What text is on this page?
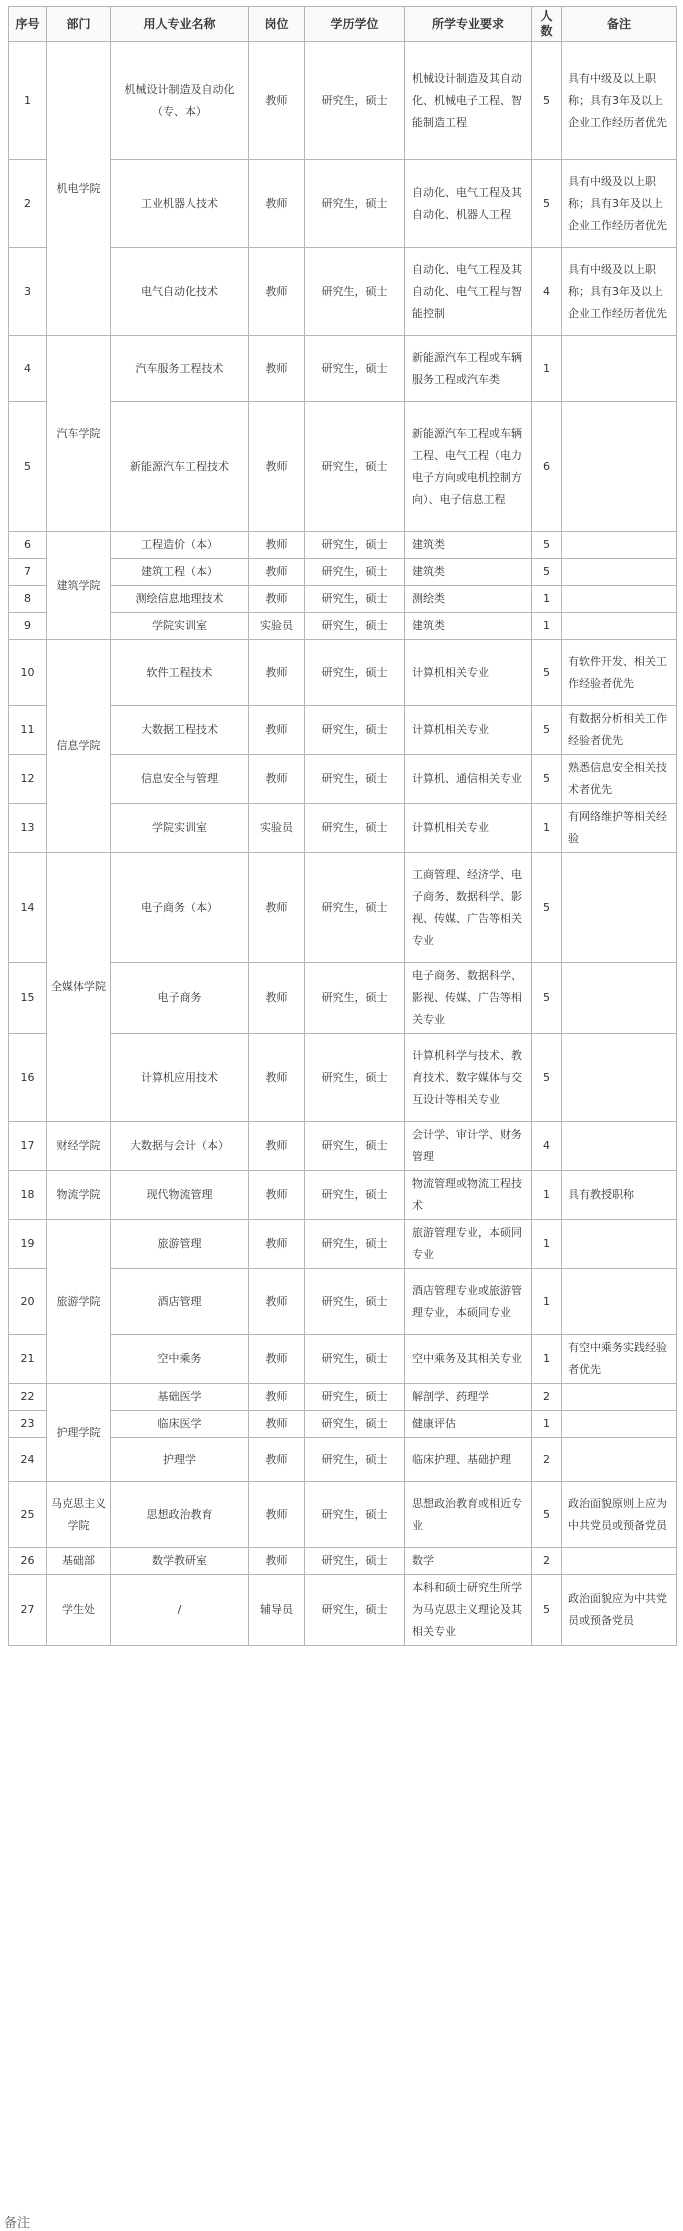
序号	部门	用人专业名称	岗位	学历学位	所学专业要求	人数	备注
1	机电学院	机械设计制造及自动化（专、本）	教师	研究生，硕士	机械设计制造及其自动化、机械电子工程、智能制造工程	5	具有中级及以上职称；具有3年及以上企业工作经历者优先
2		工业机器人技术	教师	研究生，硕士	自动化、电气工程及其自动化、机器人工程	5	具有中级及以上职称；具有3年及以上企业工作经历者优先
3		电气自动化技术	教师	研究生，硕士	自动化、电气工程及其自动化、电气工程与智能控制	4	具有中级及以上职称；具有3年及以上企业工作经历者优先
4	汽车学院	汽车服务工程技术	教师	研究生，硕士	新能源汽车工程或车辆服务工程或汽车类	1	
5		新能源汽车工程技术	教师	研究生，硕士	新能源汽车工程或车辆工程、电气工程（电力电子方向或电机控制方向）、电子信息工程	6	
6	建筑学院	工程造价（本）	教师	研究生，硕士	建筑类	5	
7		建筑工程（本）	教师	研究生，硕士	建筑类	5	
8		测绘信息地理技术	教师	研究生，硕士	测绘类	1	
9		学院实训室	实验员	研究生，硕士	建筑类	1	
10	信息学院	软件工程技术	教师	研究生，硕士	计算机相关专业	5	有软件开发、相关工作经验者优先
11		大数据工程技术	教师	研究生，硕士	计算机相关专业	5	有数据分析相关工作经验者优先
12		信息安全与管理	教师	研究生，硕士	计算机、通信相关专业	5	熟悉信息安全相关技术者优先
13		学院实训室	实验员	研究生，硕士	计算机相关专业	1	有网络维护等相关经验
14	全媒体学院	电子商务（本）	教师	研究生，硕士	工商管理、经济学、电子商务、数据科学、影视、传媒、广告等相关专业	5	
15		电子商务	教师	研究生，硕士	电子商务、数据科学、影视、传媒、广告等相关专业	5	
16		计算机应用技术	教师	研究生，硕士	计算机科学与技术、教育技术、数字媒体与交互设计等相关专业	5	
17	财经学院	大数据与会计（本）	教师	研究生，硕士	会计学、审计学、财务管理	4	
18	物流学院	现代物流管理	教师	研究生，硕士	物流管理或物流工程技术	1	具有教授职称
19	旅游学院	旅游管理	教师	研究生，硕士	旅游管理专业，本硕同专业	1	
20		酒店管理	教师	研究生，硕士	酒店管理专业或旅游管理专业，本硕同专业	1	
21		空中乘务	教师	研究生，硕士	空中乘务及其相关专业	1	有空中乘务实践经验者优先
22	护理学院	基础医学	教师	研究生，硕士	解剖学、药理学	2	
23		临床医学	教师	研究生，硕士	健康评估	1	
24		护理学	教师	研究生，硕士	临床护理、基础护理	2	
25	马克思主义学院	思想政治教育	教师	研究生，硕士	思想政治教育或相近专业	5	政治面貌原则上应为中共党员或预备党员
26	基础部	数学教研室	教师	研究生，硕士	数学	2	
27	学生处	/	辅导员	研究生，硕士	本科和硕士研究生所学为马克思主义理论及其相关专业	5	政治面貌应为中共党员或预备党员
备注
